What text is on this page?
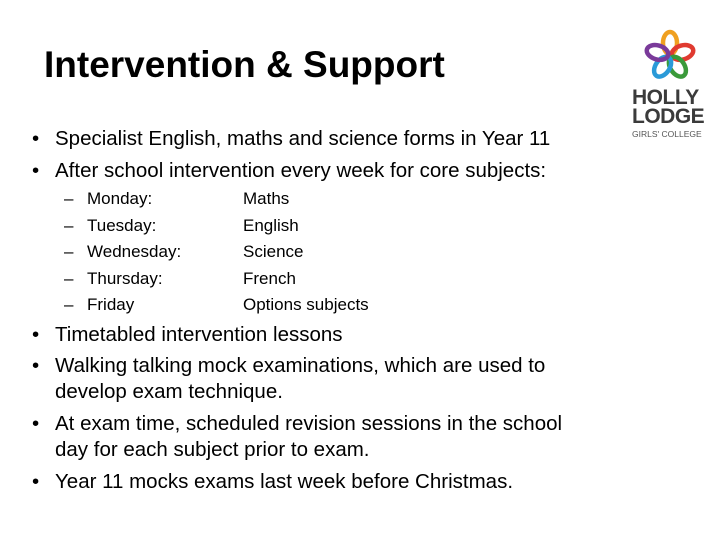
Intervention & Support
• Specialist English, maths and science forms in Year 11
• After school intervention every week for core subjects:
– Monday:	Maths
– Tuesday:	English
– Wednesday:	Science
– Thursday:	French
– Friday	Options subjects
• Timetabled intervention lessons
• Walking talking mock examinations, which are used to
develop exam technique.
• At exam time, scheduled revision sessions in the school
day for each subject prior to exam.
• Year 11 mocks exams last week before Christmas.
HOLLY
LODGE
GIRLS' COLLEGE
